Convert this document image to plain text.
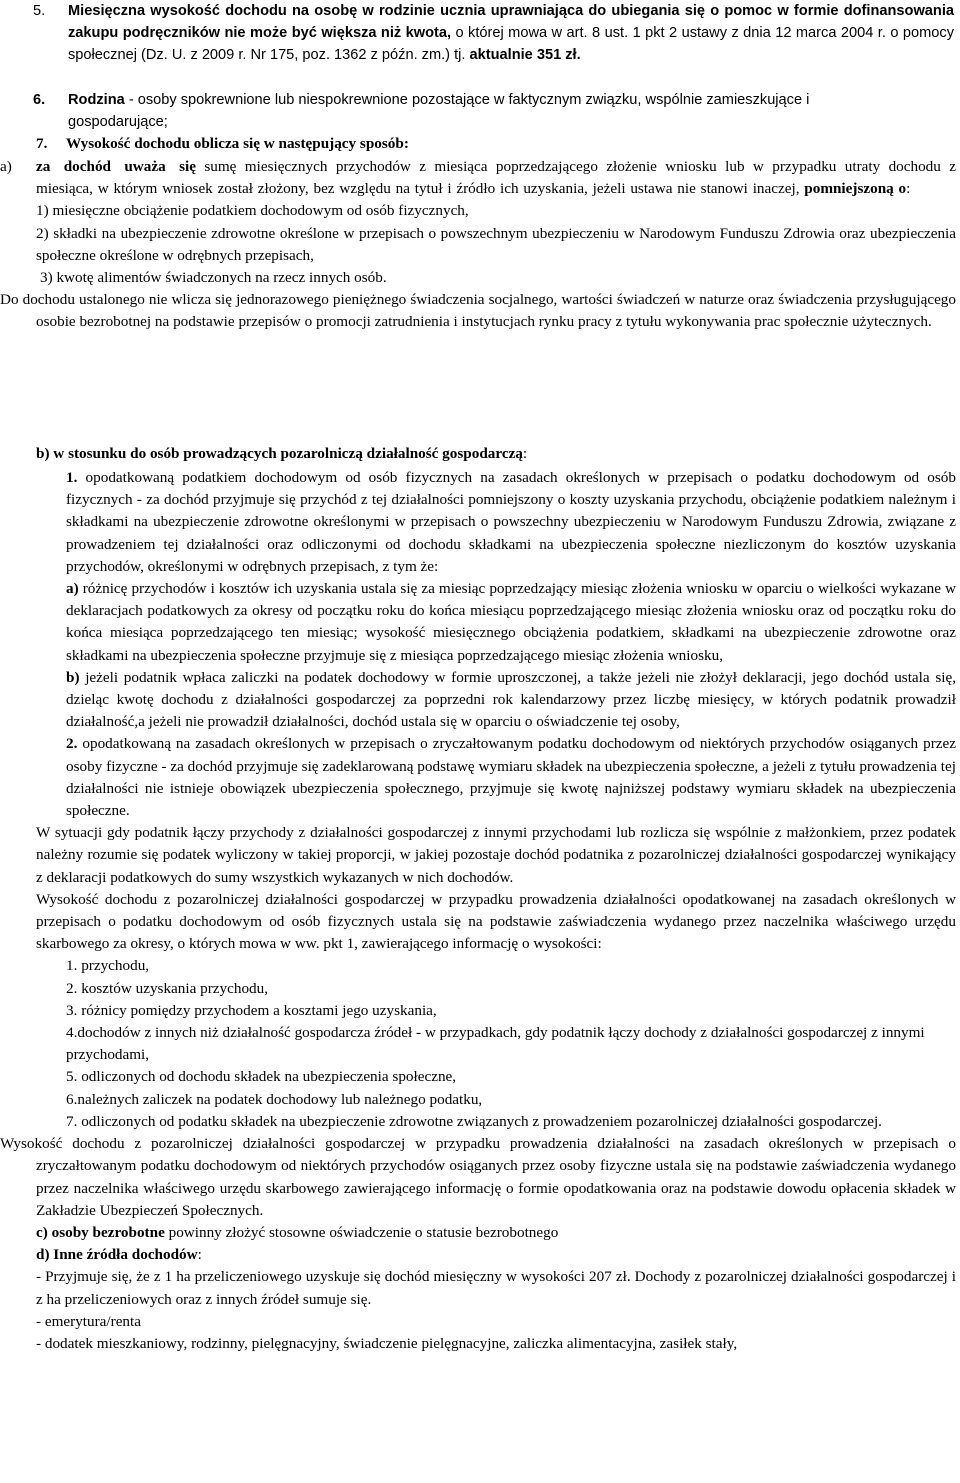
5.	Miesięczna wysokość dochodu na osobę w rodzinie ucznia uprawniająca do ubiegania się o pomoc w formie dofinansowania zakupu podręczników nie może być większa niż kwota, o której mowa w art. 8 ust. 1 pkt 2 ustawy z dnia 12 marca 2004 r. o pomocy społecznej (Dz. U. z 2009 r. Nr 175, poz. 1362 z późn. zm.) tj. aktualnie 351 zł.

6.	Rodzina - osoby spokrewnione lub niespokrewnione pozostające w faktycznym związku, wspólnie zamieszkujące i gospodarujące;

7. Wysokość dochodu oblicza się w następujący sposób:
a)	za dochód uważa się sumę miesięcznych przychodów z miesiąca poprzedzającego złożenie wniosku lub w przypadku utraty dochodu z miesiąca, w którym wniosek został złożony, bez względu na tytuł i źródło ich uzyskania, jeżeli ustawa nie stanowi inaczej, pomniejszoną o:

1) miesięczne obciążenie podatkiem dochodowym od osób fizycznych,

2) składki na ubezpieczenie zdrowotne określone w przepisach o powszechnym ubezpieczeniu w Narodowym Funduszu Zdrowia oraz ubezpieczenia społeczne określone w odrębnych przepisach,

3) kwotę alimentów świadczonych na rzecz innych osób.

Do dochodu ustalonego nie wlicza się jednorazowego pieniężnego świadczenia socjalnego, wartości świadczeń w naturze oraz świadczenia przysługującego osobie bezrobotnej na podstawie przepisów o promocji zatrudnienia i instytucjach rynku pracy z tytułu wykonywania prac społecznie użytecznych.

b) w stosunku do osób prowadzących pozarolniczą działalność gospodarczą:

1. opodatkowaną podatkiem dochodowym od osób fizycznych na zasadach określonych w przepisach o podatku dochodowym od osób fizycznych - za dochód przyjmuje się przychód z tej działalności pomniejszony o koszty uzyskania przychodu, obciążenie podatkiem należnym i składkami na ubezpieczenie zdrowotne określonymi w przepisach o powszechny ubezpieczeniu w Narodowym Funduszu Zdrowia, związane z prowadzeniem tej działalności oraz odliczonymi od dochodu składkami na ubezpieczenia społeczne niezliczonym do kosztów uzyskania przychodów, określonymi w odrębnych przepisach, z tym że:

a) różnicę przychodów i kosztów ich uzyskania ustala się za miesiąc poprzedzający miesiąc złożenia wniosku w oparciu o wielkości wykazane w deklaracjach podatkowych za okresy od początku roku do końca miesiącu poprzedzającego miesiąc złożenia wniosku oraz od początku roku do końca miesiąca poprzedzającego ten miesiąc; wysokość miesięcznego obciążenia podatkiem, składkami na ubezpieczenie zdrowotne oraz składkami na ubezpieczenia społeczne przyjmuje się z miesiąca poprzedzającego miesiąc złożenia wniosku,

b) jeżeli podatnik wpłaca zaliczki na podatek dochodowy w formie uproszczonej, a także jeżeli nie złożył deklaracji, jego dochód ustala się, dzieląc kwotę dochodu z działalności gospodarczej za poprzedni rok kalendarzowy przez liczbę miesięcy, w których podatnik prowadził działalność,a jeżeli nie prowadził działalności, dochód ustala się w oparciu o oświadczenie tej osoby,

2. opodatkowaną na zasadach określonych w przepisach o zryczałtowanym podatku dochodowym od niektórych przychodów osiąganych przez osoby fizyczne - za dochód przyjmuje się zadeklarowaną podstawę wymiaru składek na ubezpieczenia społeczne, a jeżeli z tytułu prowadzenia tej działalności nie istnieje obowiązek ubezpieczenia społecznego, przyjmuje się kwotę najniższej podstawy wymiaru składek na ubezpieczenia społeczne.

W sytuacji gdy podatnik łączy przychody z działalności gospodarczej z innymi przychodami lub rozlicza się wspólnie z małżonkiem, przez podatek należny rozumie się podatek wyliczony w takiej proporcji, w jakiej pozostaje dochód podatnika z pozarolniczej działalności gospodarczej wynikający z deklaracji podatkowych do sumy wszystkich wykazanych w nich dochodów.

Wysokość dochodu z pozarolniczej działalności gospodarczej w przypadku prowadzenia działalności opodatkowanej na zasadach określonych w przepisach o podatku dochodowym od osób fizycznych ustala się na podstawie zaświadczenia wydanego przez naczelnika właściwego urzędu skarbowego za okresy, o których mowa w ww. pkt 1, zawierającego informację o wysokości:

1. przychodu,

2. kosztów uzyskania przychodu,

3. różnicy pomiędzy przychodem a kosztami jego uzyskania,

4.dochodów z innych niż działalność gospodarcza źródeł - w przypadkach, gdy podatnik łączy dochody z działalności gospodarczej z innymi przychodami,

5. odliczonych od dochodu składek na ubezpieczenia społeczne,

6.należnych zaliczek na podatek dochodowy lub należnego podatku,

7. odliczonych od podatku składek na ubezpieczenie zdrowotne związanych z prowadzeniem pozarolniczej działalności gospodarczej.

Wysokość dochodu z pozarolniczej działalności gospodarczej w przypadku prowadzenia działalności na zasadach określonych w przepisach o zryczałtowanym podatku dochodowym od niektórych przychodów osiąganych przez osoby fizyczne ustala się na podstawie zaświadczenia wydanego przez naczelnika właściwego urzędu skarbowego zawierającego informację o formie opodatkowania oraz na podstawie dowodu opłacenia składek w Zakładzie Ubezpieczeń Społecznych.

c) osoby bezrobotne powinny złożyć stosowne oświadczenie o statusie bezrobotnego

d) Inne źródła dochodów:

- Przyjmuje się, że z 1 ha przeliczeniowego uzyskuje się dochód miesięczny w wysokości 207 zł. Dochody z pozarolniczej działalności gospodarczej i z ha przeliczeniowych oraz z innych źródeł sumuje się.

- emerytura/renta

- dodatek mieszkaniowy, rodzinny, pielęgnacyjny, świadczenie pielęgnacyjne, zaliczka alimentacyjna, zasiłek stały,
